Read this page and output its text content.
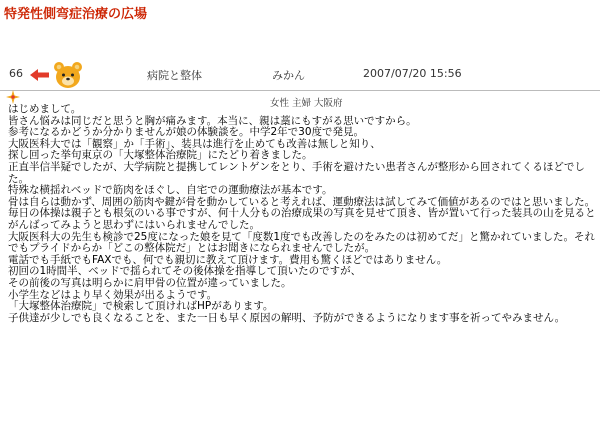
特発性側弯症治療の広場
66	病院と整体	みかん	2007/07/20 15:56
女性 主婦 大阪府
はじめまして。
皆さん悩みは同じだと思うと胸が痛みます。本当に、親は藁にもすがる思いですから。
参考になるかどうか分かりませんが娘の体験談を。中学2年で30度で発見。
大阪医科大では「観察」か「手術」、装具は進行を止めても改善は無しと知り、
探し回った挙句東京の「大塚整体治療院」にたどり着きました。
正直半信半疑でしたが、大学病院と提携してレントゲンをとり、手術を避けたい患者さんが整形から回されてくるほどでした。
特殊な横揺れベッドで筋肉をほぐし、自宅での運動療法が基本です。
骨は自らは動かず、周囲の筋肉や鍵が骨を動かしていると考えれば、運動療法は試してみて価値があるのではと思いました。
毎日の体操は親子とも根気のいる事ですが、何十人分もの治療成果の写真を見せて頂き、皆が置いて行った装具の山を見ると
がんばってみようと思わずにはいられませんでした。
大阪医科大の先生も検診で25度になった娘を見て「度数1度でも改善したのをみたのは初めてだ」と驚かれていました。それでもプライドからか「どこの整体院だ」とはお聞きになられませんでしたが。
電話でも手紙でもFAXでも、何でも親切に教えて頂けます。費用も驚くほどではありません。
初回の1時間半、ベッドで揺られてその後体操を指導して頂いたのですが、
その前後の写真は明らかに肩甲骨の位置が違っていました。
小学生などはより早く効果が出るようです。
「大塚整体治療院」で検索して頂ければHPがあります。
子供達が少しでも良くなることを、また一日も早く原因の解明、予防ができるようになります事を祈ってやみません。
